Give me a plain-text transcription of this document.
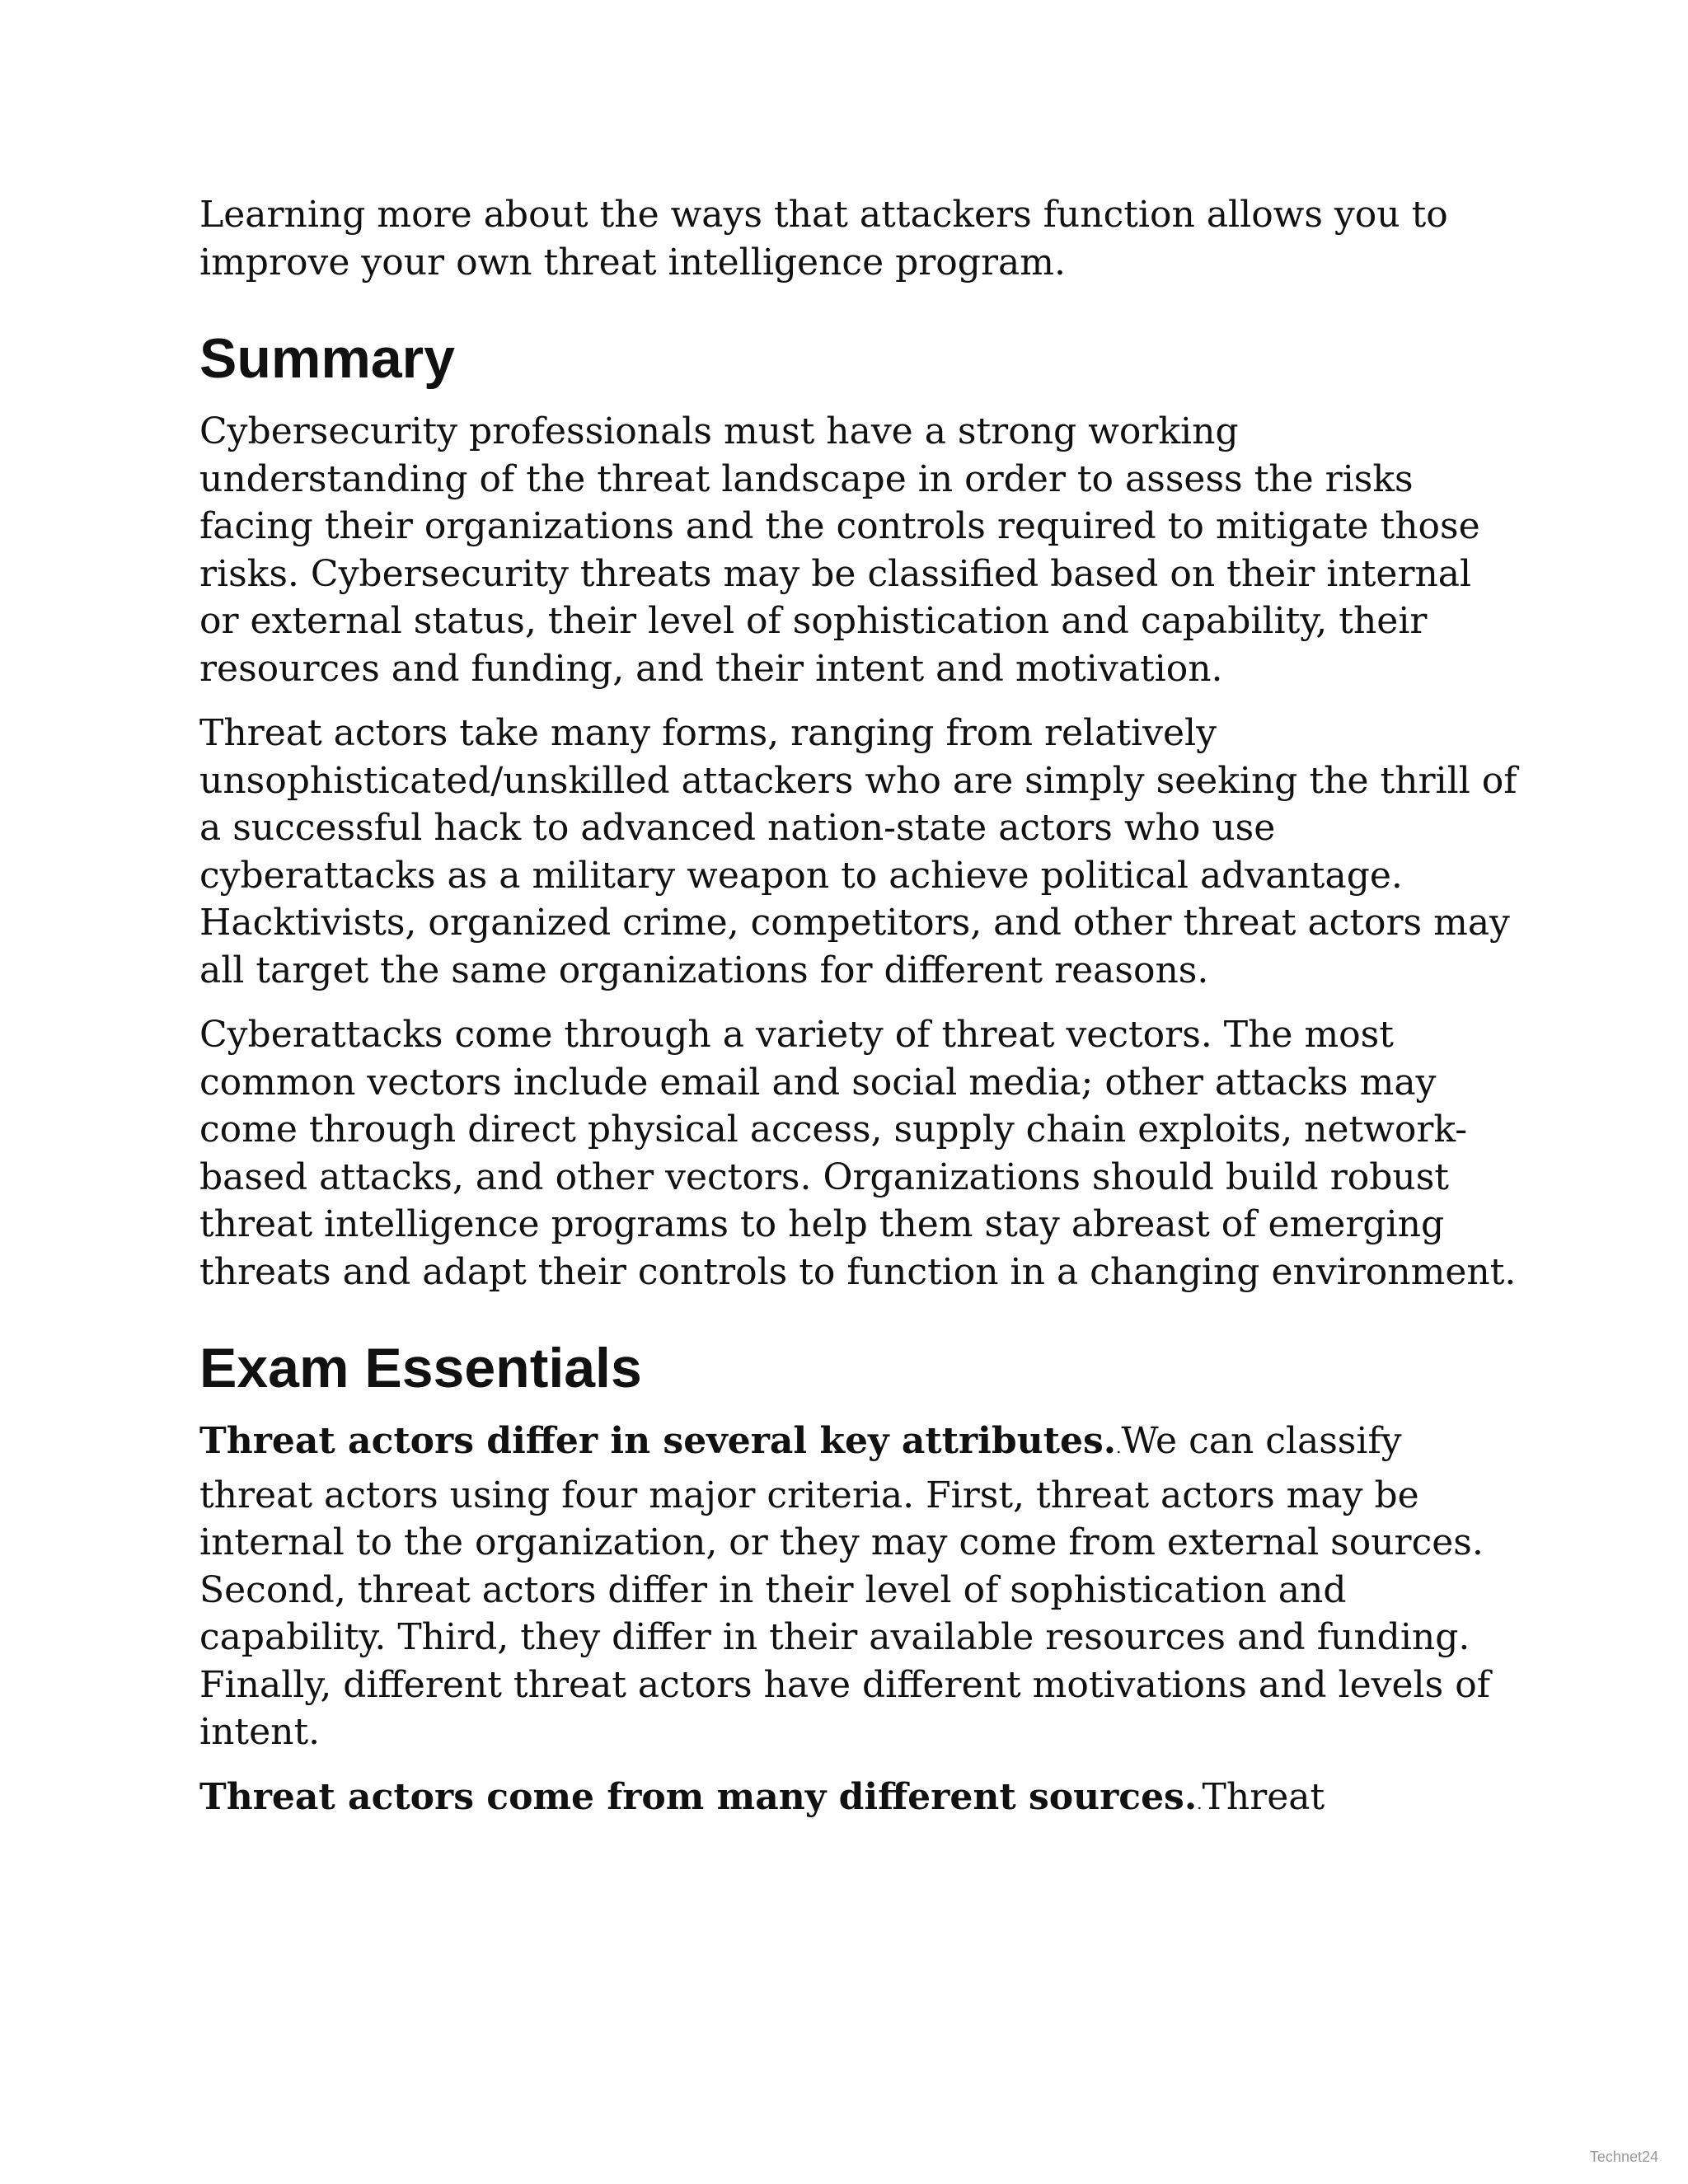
Learning more about the ways that attackers function allows you to improve your own threat intelligence program.

Summary

Cybersecurity professionals must have a strong working understanding of the threat landscape in order to assess the risks facing their organizations and the controls required to mitigate those risks. Cybersecurity threats may be classified based on their internal or external status, their level of sophistication and capability, their resources and funding, and their intent and motivation.

Threat actors take many forms, ranging from relatively unsophisticated/unskilled attackers who are simply seeking the thrill of a successful hack to advanced nation-state actors who use cyberattacks as a military weapon to achieve political advantage. Hacktivists, organized crime, competitors, and other threat actors may all target the same organizations for different reasons.

Cyberattacks come through a variety of threat vectors. The most common vectors include email and social media; other attacks may come through direct physical access, supply chain exploits, network-based attacks, and other vectors. Organizations should build robust threat intelligence programs to help them stay abreast of emerging threats and adapt their controls to function in a changing environment.

Exam Essentials

Threat actors differ in several key attributes..We can classify threat actors using four major criteria. First, threat actors may be internal to the organization, or they may come from external sources. Second, threat actors differ in their level of sophistication and capability. Third, they differ in their available resources and funding. Finally, different threat actors have different motivations and levels of intent.

Threat actors come from many different sources..Threat

Technet24
